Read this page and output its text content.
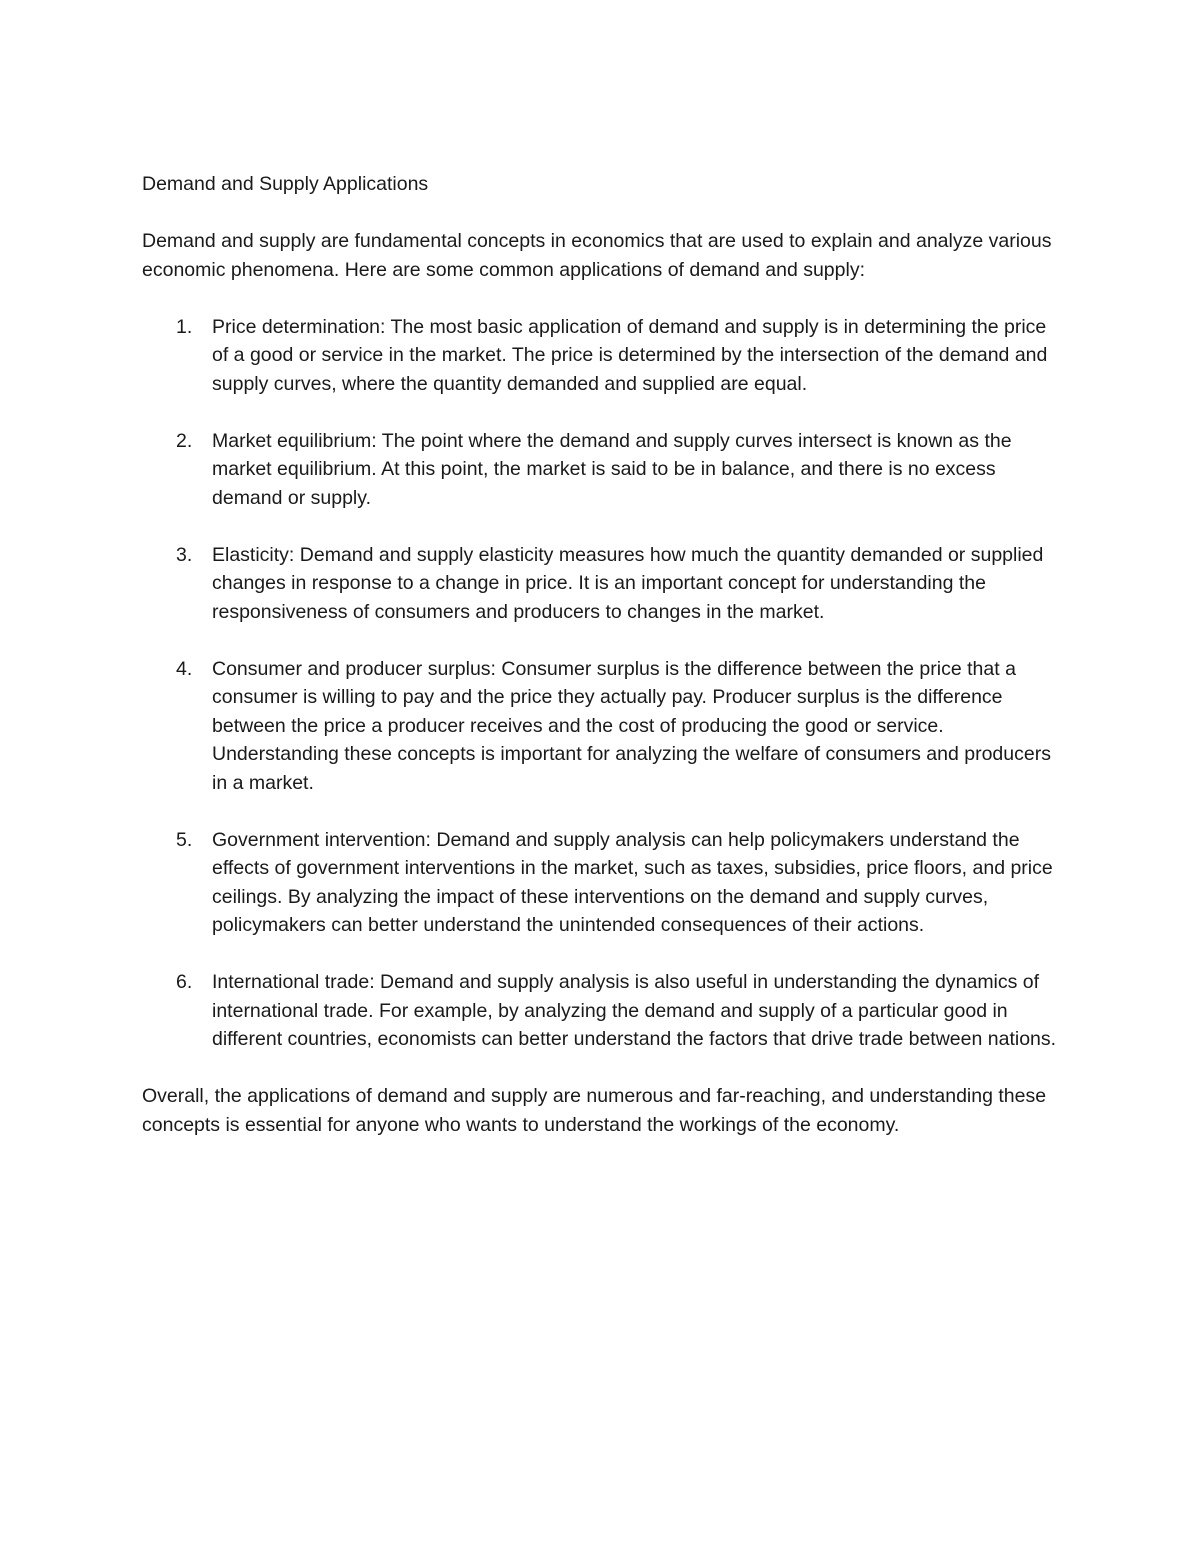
Demand and Supply Applications

Demand and supply are fundamental concepts in economics that are used to explain and analyze various economic phenomena. Here are some common applications of demand and supply:

1.	Price determination: The most basic application of demand and supply is in determining the price of a good or service in the market. The price is determined by the intersection of the demand and supply curves, where the quantity demanded and supplied are equal.
2.	Market equilibrium: The point where the demand and supply curves intersect is known as the market equilibrium. At this point, the market is said to be in balance, and there is no excess demand or supply.
3.	Elasticity: Demand and supply elasticity measures how much the quantity demanded or supplied changes in response to a change in price. It is an important concept for understanding the responsiveness of consumers and producers to changes in the market.
4.	Consumer and producer surplus: Consumer surplus is the difference between the price that a consumer is willing to pay and the price they actually pay. Producer surplus is the difference between the price a producer receives and the cost of producing the good or service. Understanding these concepts is important for analyzing the welfare of consumers and producers in a market.
5.	Government intervention: Demand and supply analysis can help policymakers understand the effects of government interventions in the market, such as taxes, subsidies, price floors, and price ceilings. By analyzing the impact of these interventions on the demand and supply curves, policymakers can better understand the unintended consequences of their actions.
6.	International trade: Demand and supply analysis is also useful in understanding the dynamics of international trade. For example, by analyzing the demand and supply of a particular good in different countries, economists can better understand the factors that drive trade between nations.

Overall, the applications of demand and supply are numerous and far-reaching, and understanding these concepts is essential for anyone who wants to understand the workings of the economy.
